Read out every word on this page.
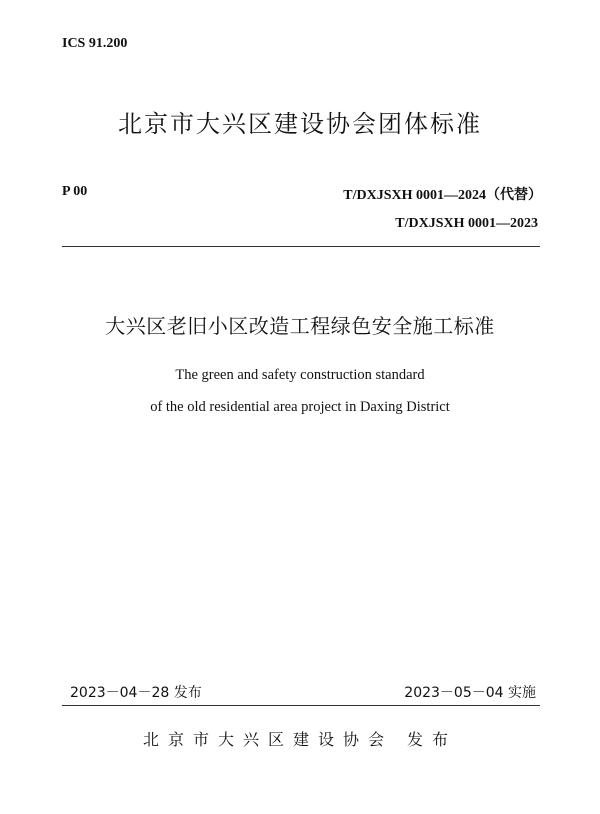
ICS 91.200
北京市大兴区建设协会团体标准
P 00	T/DXJSXH 0001—2024（代替）
T/DXJSXH 0001—2023
大兴区老旧小区改造工程绿色安全施工标准
The green and safety construction standard
of the old residential area project in Daxing District
2023－04－28 发布	2023－05－04 实施
北京市大兴区建设协会 发布
